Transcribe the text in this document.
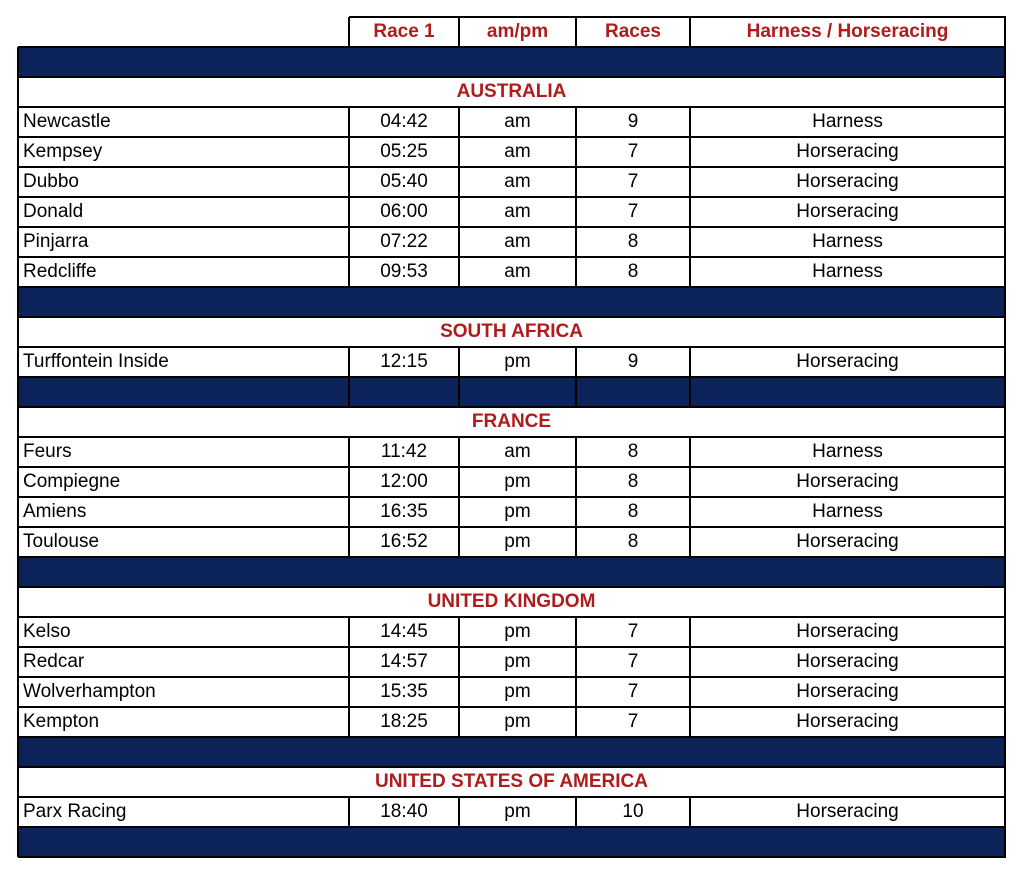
Race 1	am/pm	Races	Harness / Horseracing
AUSTRALIA
Newcastle	04:42	am	9	Harness
Kempsey	05:25	am	7	Horseracing
Dubbo	05:40	am	7	Horseracing
Donald	06:00	am	7	Horseracing
Pinjarra	07:22	am	8	Harness
Redcliffe	09:53	am	8	Harness
SOUTH AFRICA
Turffontein Inside	12:15	pm	9	Horseracing
FRANCE
Feurs	11:42	am	8	Harness
Compiegne	12:00	pm	8	Horseracing
Amiens	16:35	pm	8	Harness
Toulouse	16:52	pm	8	Horseracing
UNITED KINGDOM
Kelso	14:45	pm	7	Horseracing
Redcar	14:57	pm	7	Horseracing
Wolverhampton	15:35	pm	7	Horseracing
Kempton	18:25	pm	7	Horseracing
UNITED STATES OF AMERICA
Parx Racing	18:40	pm	10	Horseracing
